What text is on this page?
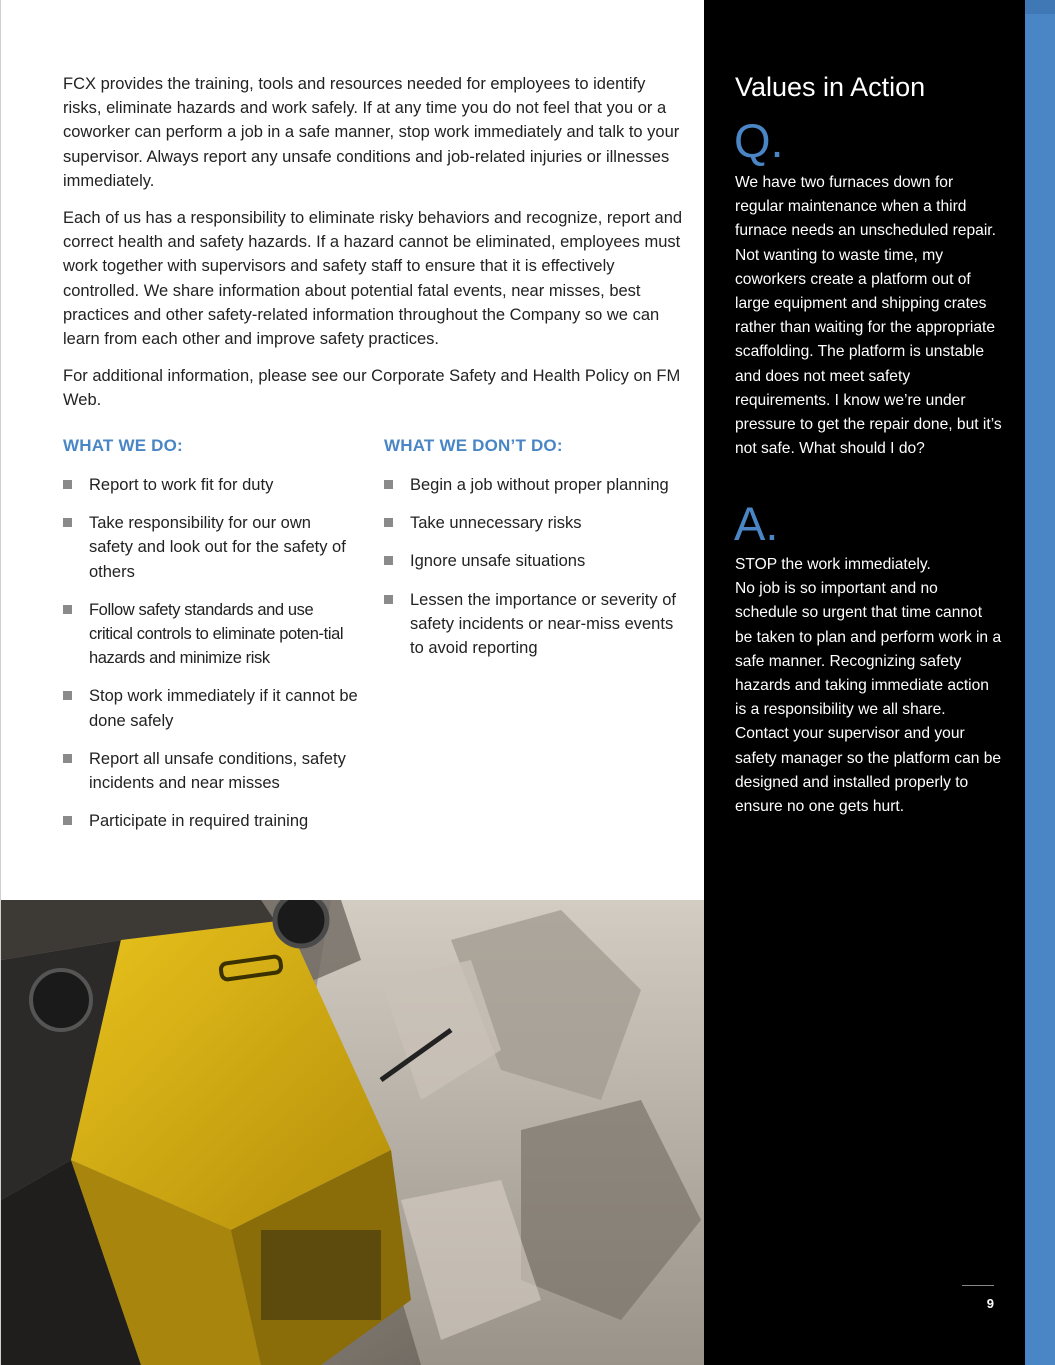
FCX provides the training, tools and resources needed for employees to identify risks, eliminate hazards and work safely. If at any time you do not feel that you or a coworker can perform a job in a safe manner, stop work immediately and talk to your supervisor. Always report any unsafe conditions and job-related injuries or illnesses immediately.

Each of us has a responsibility to eliminate risky behaviors and recognize, report and correct health and safety hazards. If a hazard cannot be eliminated, employees must work together with supervisors and safety staff to ensure that it is effectively controlled. We share information about potential fatal events, near misses, best practices and other safety-related information throughout the Company so we can learn from each other and improve safety practices.

For additional information, please see our Corporate Safety and Health Policy on FM Web.

WHAT WE DO:
Report to work fit for duty
Take responsibility for our own safety and look out for the safety of others
Follow safety standards and use critical controls to eliminate poten-tial hazards and minimize risk
Stop work immediately if it cannot be done safely
Report all unsafe conditions, safety incidents and near misses
Participate in required training
WHAT WE DON’T DO:
Begin a job without proper planning
Take unnecessary risks
Ignore unsafe situations
Lessen the importance or severity of safety incidents or near-miss events to avoid reporting
Values in Action
Q.
We have two furnaces down for regular maintenance when a third furnace needs an unscheduled repair. Not wanting to waste time, my coworkers create a platform out of large equipment and shipping crates rather than waiting for the appropriate scaffolding. The platform is unstable and does not meet safety requirements. I know we’re under pressure to get the repair done, but it’s not safe. What should I do?
A.
STOP the work immediately.
No job is so important and no schedule so urgent that time cannot be taken to plan and perform work in a safe manner. Recognizing safety hazards and taking immediate action is a responsibility we all share. Contact your supervisor and your safety manager so the platform can be designed and installed properly to ensure no one gets hurt.
9
